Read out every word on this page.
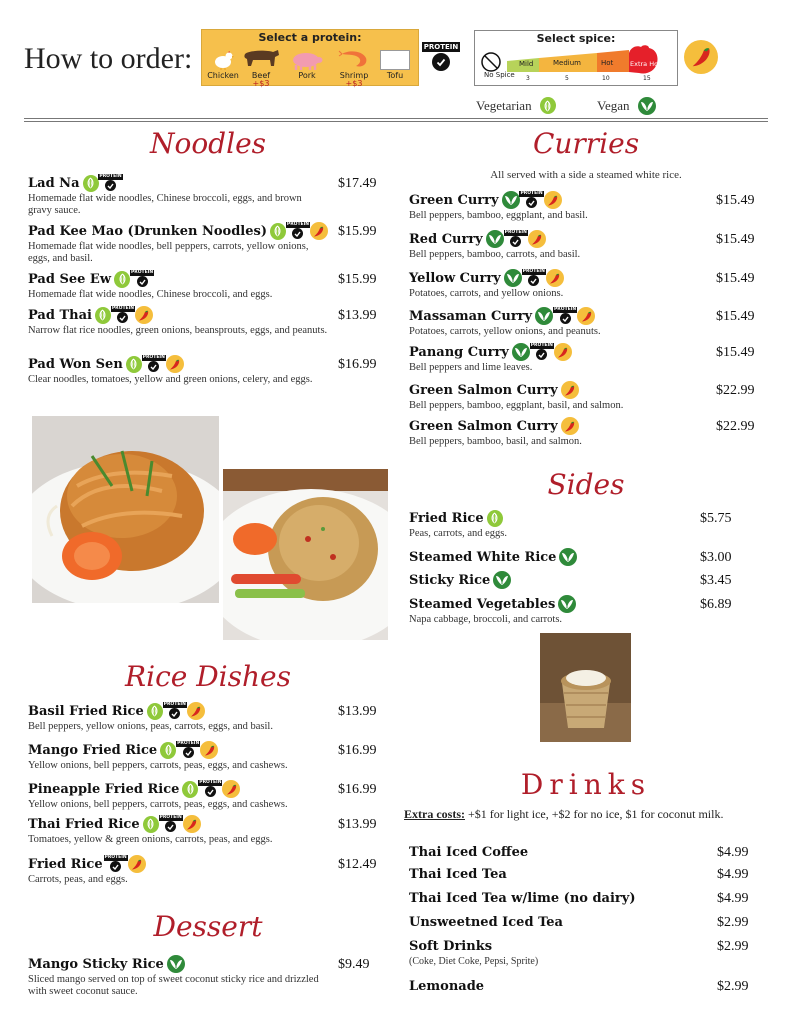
How to order:
Select a protein:
Chicken	Beef
+$3
Pork	Shrimp
+$3
Tofu
PROTEIN
Select spice:
No Spice
Mild	Medium	Hot	Extra Hot
3	5	10	15
Vegetarian	Vegan
Noodles
Lad Na	PROTEIN
Homemade flat wide noodles, Chinese broccoli, eggs, and brown gravy sauce.
$17.49
Pad Kee Mao (Drunken Noodles)	PROTEIN
Homemade flat wide noodles, bell peppers, carrots, yellow onions, eggs, and basil.
$15.99
Pad See Ew	PROTEIN
Homemade flat wide noodles, Chinese broccoli, and eggs.
$15.99
Pad Thai	PROTEIN
Narrow flat rice noodles, green onions, beansprouts, eggs, and peanuts.
$13.99
Pad Won Sen	PROTEIN
Clear noodles, tomatoes, yellow and green onions, celery, and eggs.
$16.99
Rice Dishes
Basil Fried Rice	PROTEIN
Bell peppers, yellow onions, peas, carrots, eggs, and basil.
$13.99
Mango Fried Rice	PROTEIN
Yellow onions, bell peppers, carrots, peas, eggs, and cashews.
$16.99
Pineapple Fried Rice	PROTEIN
Yellow onions, bell peppers, carrots, peas, eggs, and cashews.
$16.99
Thai Fried Rice	PROTEIN
Tomatoes, yellow & green onions, carrots, peas, and eggs.
$13.99
Fried Rice PROTEIN
Carrots, peas, and eggs.
$12.49
Dessert
Mango Sticky Rice
Sliced mango served on top of sweet coconut sticky rice and drizzled with sweet coconut sauce.
$9.49
Curries
All served with a side a steamed white rice.
Green Curry	PROTEIN
Bell peppers, bamboo, eggplant, and basil.
$15.49
Red Curry	PROTEIN
Bell peppers, bamboo, carrots, and basil.
$15.49
Yellow Curry	PROTEIN
Potatoes, carrots, and yellow onions.
$15.49
Massaman Curry	PROTEIN
Potatoes, carrots, yellow onions, and peanuts.
$15.49
Panang Curry	PROTEIN
Bell peppers and lime leaves.
$15.49
Green Salmon Curry
Bell peppers, bamboo, eggplant, basil, and salmon.
$22.99
Green Salmon Curry
Bell peppers, bamboo, basil, and salmon.
$22.99
Sides
Fried Rice
Peas, carrots, and eggs.
$5.75
Steamed White Rice	$3.00
Sticky Rice	$3.45
Steamed Vegetables
Napa cabbage, broccoli, and carrots.
$6.89
Drinks
Extra costs: +$1 for light ice, +$2 for no ice, $1 for coconut milk.
Thai Iced Coffee	$4.99
Thai Iced Tea	$4.99
Thai Iced Tea w/lime (no dairy)	$4.99
Unsweetned Iced Tea	$2.99
Soft Drinks
(Coke, Diet Coke, Pepsi, Sprite)
$2.99
Lemonade	$2.99
